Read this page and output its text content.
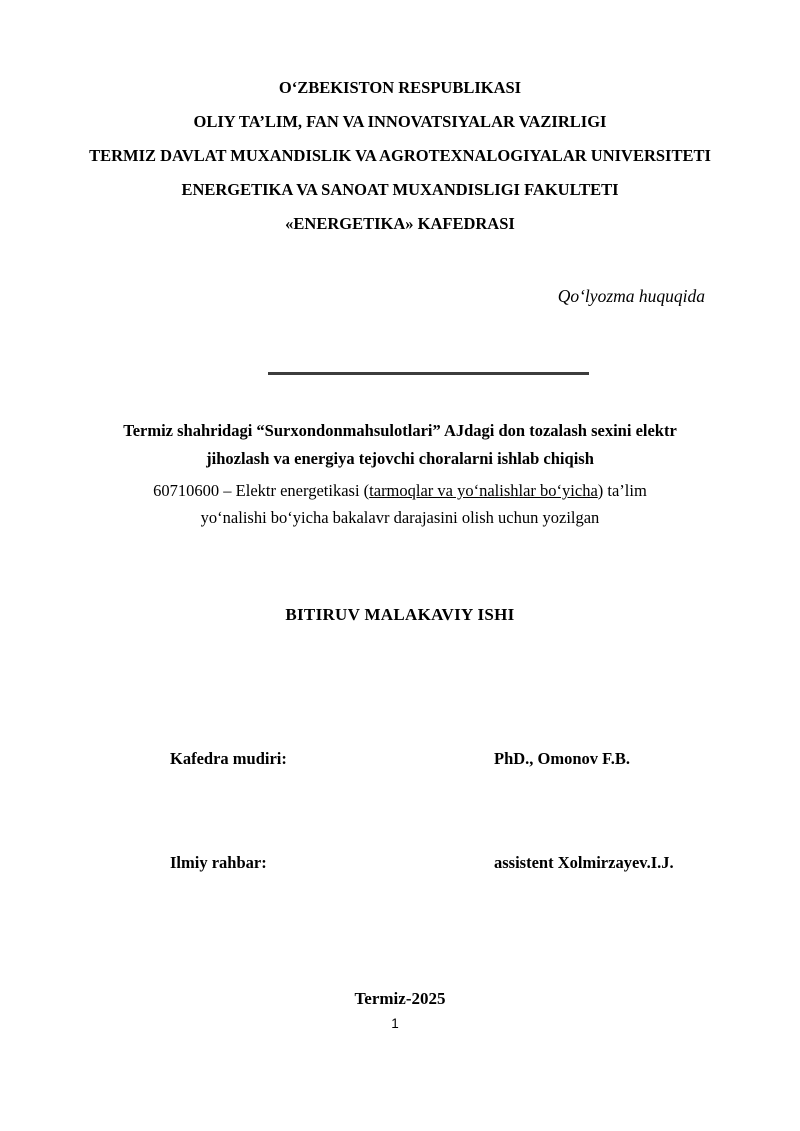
OʻZBEKISTON RESPUBLIKASI

OLIY TA’LIM, FAN VA INNOVATSIYALAR VAZIRLIGI

TERMIZ DAVLAT MUXANDISLIK VA AGROTEXNALOGIYALAR UNIVERSITETI

ENERGETIKA VA SANOAT MUXANDISLIGI FAKULTETI

«ENERGETIKA» KAFEDRASI

Qoʻlyozma huquqida

Termiz shahridagi “Surxondonmahsulotlari” AJdagi don tozalash sexini elektr jihozlash va energiya tejovchi choralarni ishlab chiqish

60710600 – Elektr energetikasi (tarmoqlar va yoʻnalishlar boʻyicha) ta’lim yoʻnalishi boʻyicha bakalavr darajasini olish uchun yozilgan

BITIRUV MALAKAVIY ISHI

Kafedra mudiri:	PhD., Omonov F.B.
Ilmiy rahbar:	assistent Xolmirzayev.I.J.

Termiz-2025

1
